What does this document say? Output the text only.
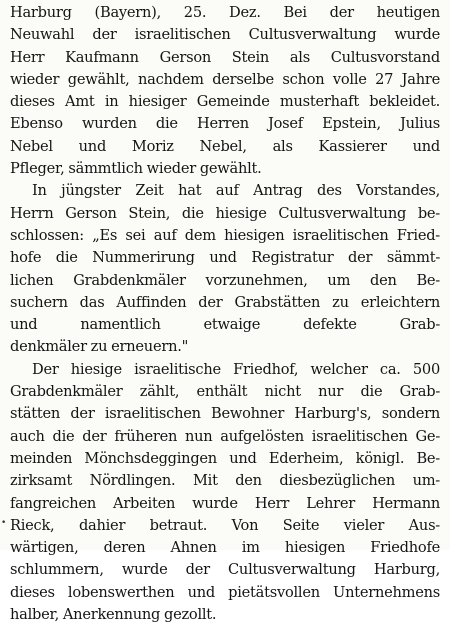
Harburg (Bayern), 25. Dez. Bei der heutigen
Neuwahl der israelitischen Cultusverwaltung wurde
Herr Kaufmann Gerson Stein als Cultusvorstand
wieder gewählt, nachdem derselbe schon volle 27 Jahre
dieses Amt in hiesiger Gemeinde musterhaft bekleidet.
Ebenso wurden die Herren Josef Epstein, Julius
Nebel und Moriz Nebel, als Kassierer und
Pfleger, sämmtlich wieder gewählt.
In jüngster Zeit hat auf Antrag des Vorstandes,
Herrn Gerson Stein, die hiesige Cultusverwaltung be-
schlossen: „Es sei auf dem hiesigen israelitischen Fried-
hofe die Nummerirung und Registratur der sämmt-
lichen Grabdenkmäler vorzunehmen, um den Be-
suchern das Auffinden der Grabstätten zu erleichtern
und namentlich etwaige defekte Grab-
denkmäler zu erneuern."
Der hiesige israelitische Friedhof, welcher ca. 500
Grabdenkmäler zählt, enthält nicht nur die Grab-
stätten der israelitischen Bewohner Harburg's, sondern
auch die der früheren nun aufgelösten israelitischen Ge-
meinden Mönchsdeggingen und Ederheim, königl. Be-
zirksamt Nördlingen. Mit den diesbezüglichen um-
fangreichen Arbeiten wurde Herr Lehrer Hermann
Rieck, dahier betraut. Von Seite vieler Aus-
wärtigen, deren Ahnen im hiesigen Friedhofe
schlummern, wurde der Cultusverwaltung Harburg,
dieses lobenswerthen und pietätsvollen Unternehmens
halber, Anerkennung gezollt.
•
